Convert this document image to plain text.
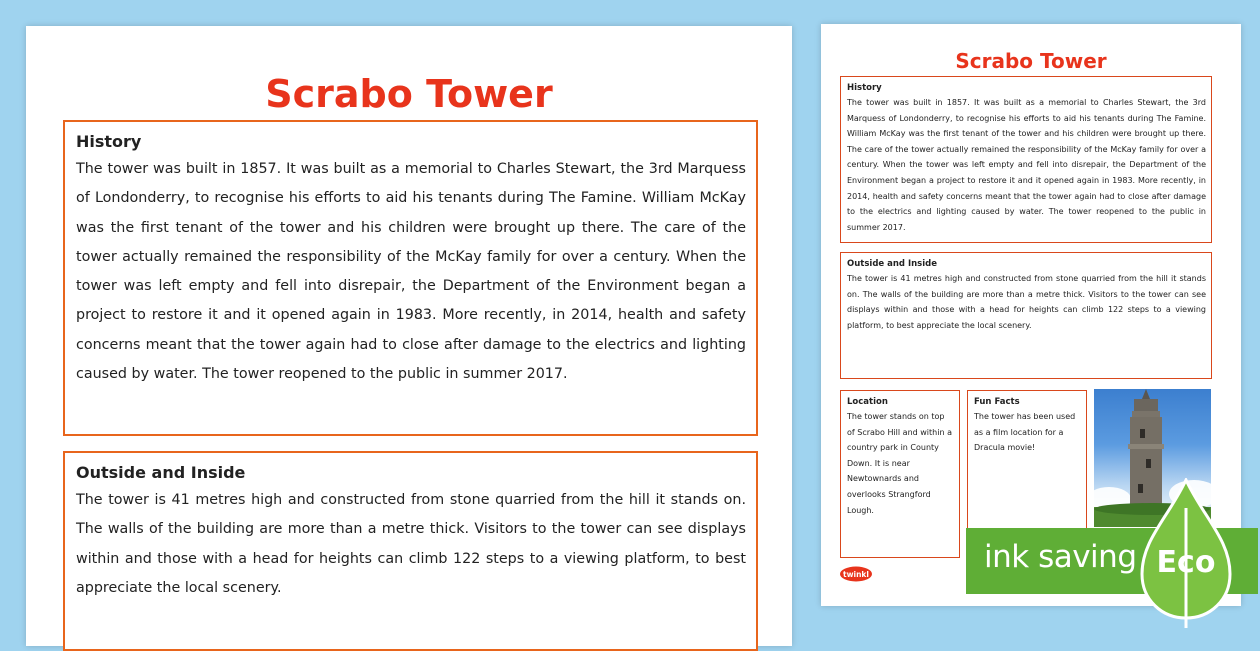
Scrabo Tower
History

The tower was built in 1857. It was built as a memorial to Charles Stewart, the 3rd Marquess of Londonderry, to recognise his efforts to aid his tenants during The Famine. William McKay was the first tenant of the tower and his children were brought up there. The care of the tower actually remained the responsibility of the McKay family for over a century. When the tower was left empty and fell into disrepair, the Department of the Environment began a project to restore it and it opened again in 1983. More recently, in 2014, health and safety concerns meant that the tower again had to close after damage to the electrics and lighting caused by water. The tower reopened to the public in summer 2017.

Outside and Inside

The tower is 41 metres high and constructed from stone quarried from the hill it stands on. The walls of the building are more than a metre thick. Visitors to the tower can see displays within and those with a head for heights can climb 122 steps to a viewing platform, to best appreciate the local scenery.

Scrabo Tower
History

The tower was built in 1857. It was built as a memorial to Charles Stewart, the 3rd Marquess of Londonderry, to recognise his efforts to aid his tenants during The Famine. William McKay was the first tenant of the tower and his children were brought up there. The care of the tower actually remained the responsibility of the McKay family for over a century. When the tower was left empty and fell into disrepair, the Department of the Environment began a project to restore it and it opened again in 1983. More recently, in 2014, health and safety concerns meant that the tower again had to close after damage to the electrics and lighting caused by water. The tower reopened to the public in summer 2017.

Outside and Inside

The tower is 41 metres high and constructed from stone quarried from the hill it stands on. The walls of the building are more than a metre thick. Visitors to the tower can see displays within and those with a head for heights can climb 122 steps to a viewing platform, to best appreciate the local scenery.

Location

The tower stands on top of Scrabo Hill and within a country park in County Down. It is near Newtownards and overlooks Strangford Lough.

Fun Facts

The tower has been used as a film location for a Dracula movie!

twinkl	ink saving Eco
